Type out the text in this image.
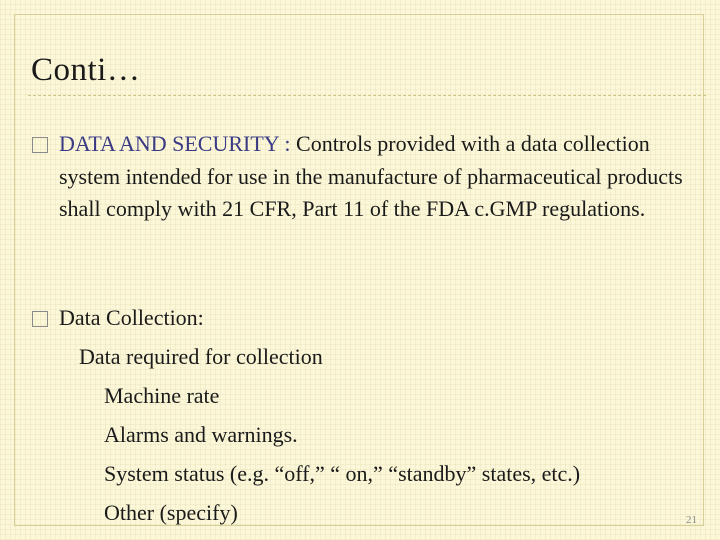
Conti…
DATA AND SECURITY : Controls provided with a data collection system intended for use in the manufacture of pharmaceutical products shall comply with 21 CFR, Part 11 of the FDA c.GMP regulations.
Data Collection:
Data required for collection
Machine rate
Alarms and warnings.
System status (e.g. “off,” “ on,” “standby” states, etc.)
Other (specify)	21
